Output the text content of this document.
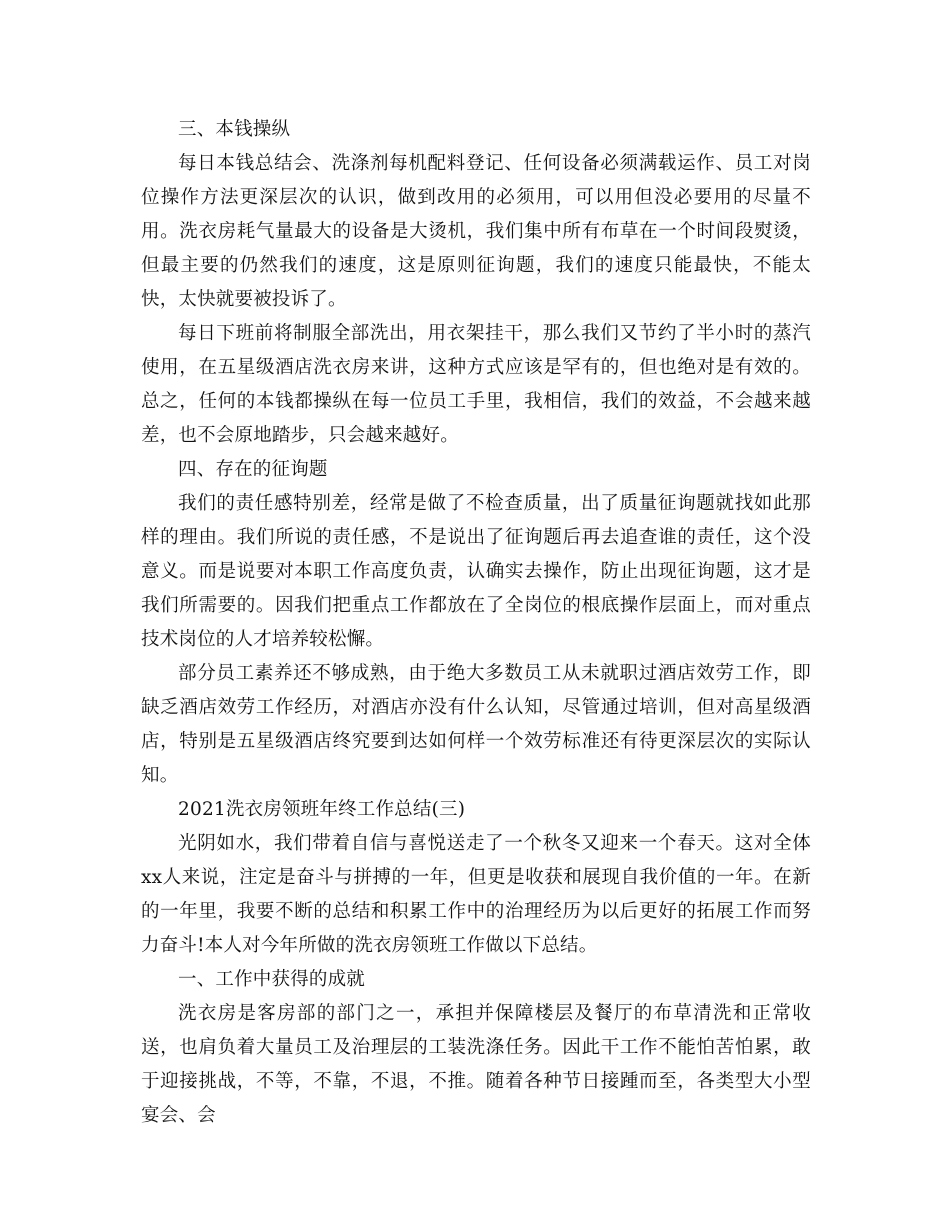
三、本钱操纵

每日本钱总结会、洗涤剂每机配料登记、任何设备必须满载运作、员工对岗位操作方法更深层次的认识，做到改用的必须用，可以用但没必要用的尽量不用。洗衣房耗气量最大的设备是大烫机，我们集中所有布草在一个时间段熨烫，但最主要的仍然我们的速度，这是原则征询题，我们的速度只能最快，不能太快，太快就要被投诉了。

每日下班前将制服全部洗出，用衣架挂干，那么我们又节约了半小时的蒸汽使用，在五星级酒店洗衣房来讲，这种方式应该是罕有的，但也绝对是有效的。总之，任何的本钱都操纵在每一位员工手里，我相信，我们的效益，不会越来越差，也不会原地踏步，只会越来越好。

四、存在的征询题

我们的责任感特别差，经常是做了不检查质量，出了质量征询题就找如此那样的理由。我们所说的责任感，不是说出了征询题后再去追查谁的责任，这个没意义。而是说要对本职工作高度负责，认确实去操作，防止出现征询题，这才是我们所需要的。因我们把重点工作都放在了全岗位的根底操作层面上，而对重点技术岗位的人才培养较松懈。

部分员工素养还不够成熟，由于绝大多数员工从未就职过酒店效劳工作，即缺乏酒店效劳工作经历，对酒店亦没有什么认知，尽管通过培训，但对高星级酒店，特别是五星级酒店终究要到达如何样一个效劳标准还有待更深层次的实际认知。

2021洗衣房领班年终工作总结(三)

光阴如水，我们带着自信与喜悦送走了一个秋冬又迎来一个春天。这对全体xx人来说，注定是奋斗与拼搏的一年，但更是收获和展现自我价值的一年。在新的一年里，我要不断的总结和积累工作中的治理经历为以后更好的拓展工作而努力奋斗!本人对今年所做的洗衣房领班工作做以下总结。

一、工作中获得的成就

洗衣房是客房部的部门之一，承担并保障楼层及餐厅的布草清洗和正常收送，也肩负着大量员工及治理层的工装洗涤任务。因此干工作不能怕苦怕累，敢于迎接挑战，不等，不靠，不退，不推。随着各种节日接踵而至，各类型大小型宴会、会
